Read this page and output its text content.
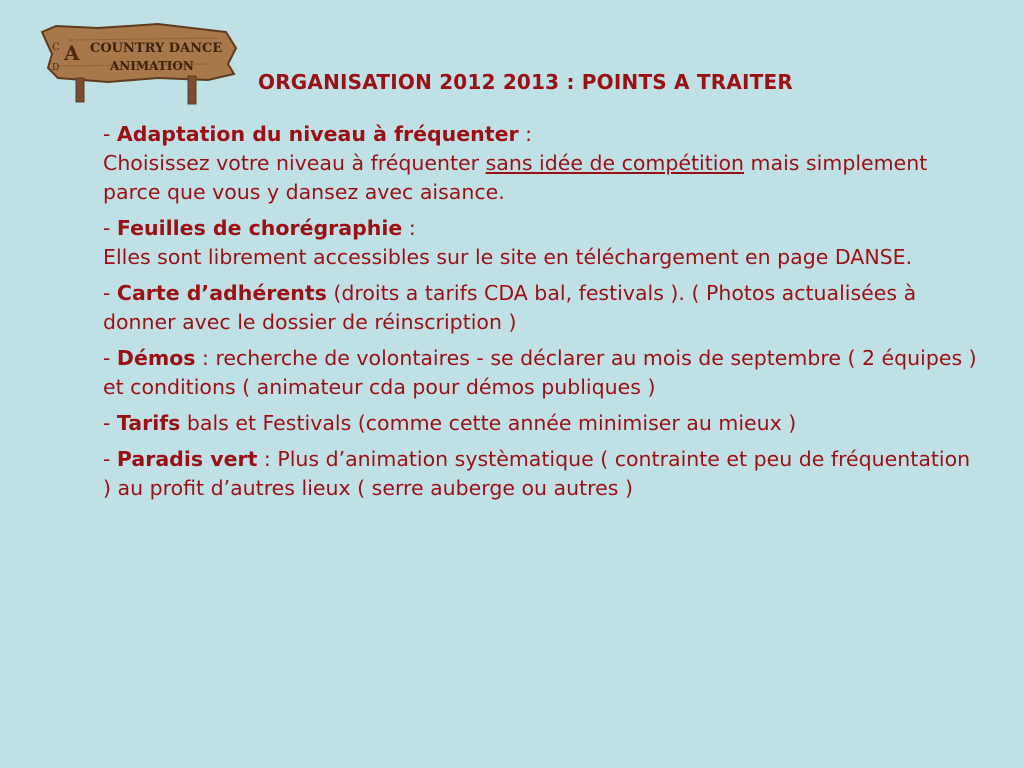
C A
D
COUNTRY DANCE
ANIMATION
ORGANISATION 2012 2013 : POINTS A TRAITER
- Adaptation du niveau à fréquenter :
Choisissez votre niveau à fréquenter sans idée de compétition mais simplement parce que vous y dansez avec aisance.
- Feuilles de chorégraphie :
Elles sont librement accessibles sur le site en téléchargement en page DANSE.
- Carte d’adhérents (droits a tarifs CDA bal, festivals ). ( Photos actualisées à donner avec le dossier de réinscription )
- Démos : recherche de volontaires - se déclarer au mois de septembre ( 2 équipes ) et conditions ( animateur cda pour démos publiques )
- Tarifs bals et Festivals (comme cette année minimiser au mieux )
- Paradis vert : Plus d’animation systèmatique ( contrainte et peu de fréquentation ) au profit d’autres lieux ( serre auberge ou autres )
